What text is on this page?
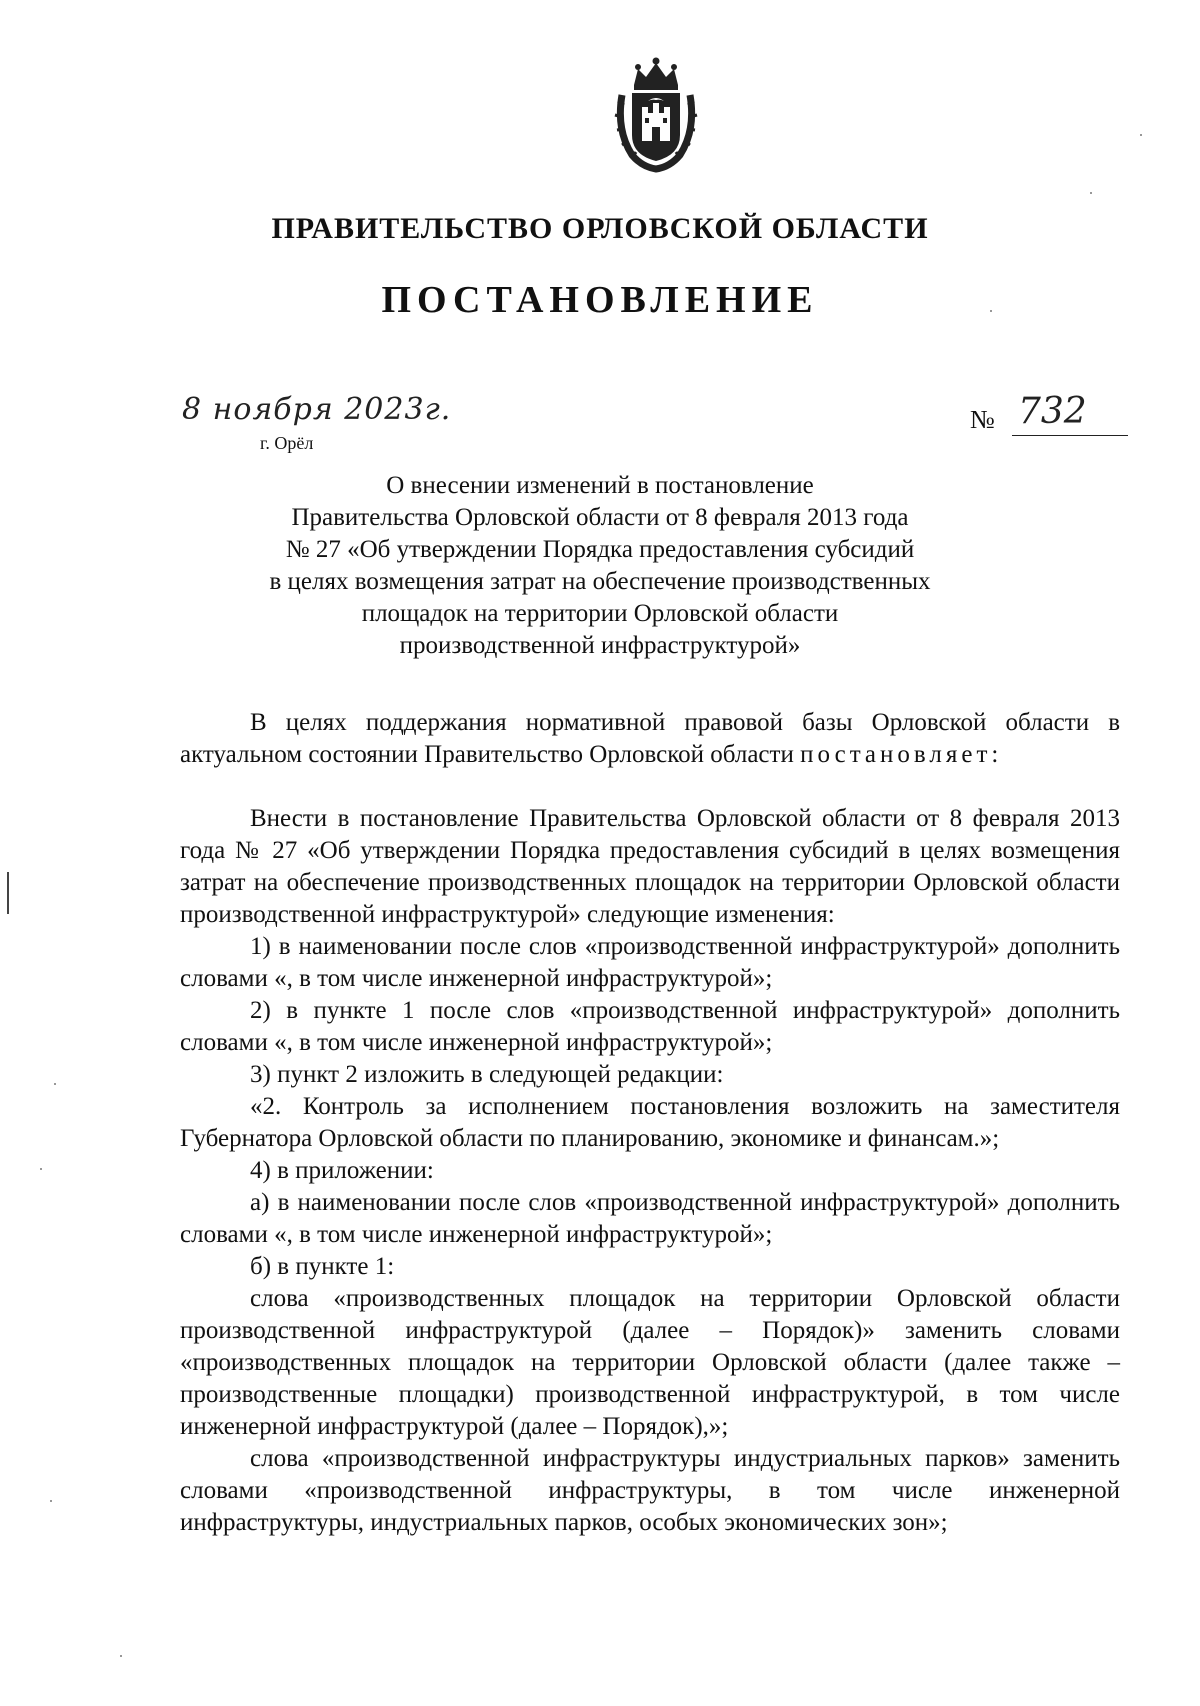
ПРАВИТЕЛЬСТВО ОРЛОВСКОЙ ОБЛАСТИ
ПОСТАНОВЛЕНИЕ
8 ноября 2023г.
г. Орёл
№ 732
О внесении изменений в постановление
Правительства Орловской области от 8 февраля 2013 года
№ 27 «Об утверждении Порядка предоставления субсидий
в целях возмещения затрат на обеспечение производственных
площадок на территории Орловской области
производственной инфраструктурой»

В целях поддержания нормативной правовой базы Орловской области в актуальном состоянии Правительство Орловской области постановляет:

Внести в постановление Правительства Орловской области от 8 февраля 2013 года № 27 «Об утверждении Порядка предоставления субсидий в целях возмещения затрат на обеспечение производственных площадок на территории Орловской области производственной инфраструктурой» следующие изменения:

1) в наименовании после слов «производственной инфраструктурой» дополнить словами «, в том числе инженерной инфраструктурой»;

2) в пункте 1 после слов «производственной инфраструктурой» дополнить словами «, в том числе инженерной инфраструктурой»;

3) пункт 2 изложить в следующей редакции:

«2. Контроль за исполнением постановления возложить на заместителя Губернатора Орловской области по планированию, экономике и финансам.»;

4) в приложении:

а) в наименовании после слов «производственной инфраструктурой» дополнить словами «, в том числе инженерной инфраструктурой»;

б) в пункте 1:

слова «производственных площадок на территории Орловской области производственной инфраструктурой (далее – Порядок)» заменить словами «производственных площадок на территории Орловской области (далее также – производственные площадки) производственной инфраструктурой, в том числе инженерной инфраструктурой (далее – Порядок),»;

слова «производственной инфраструктуры индустриальных парков» заменить словами «производственной инфраструктуры, в том числе инженерной инфраструктуры, индустриальных парков, особых экономических зон»;
